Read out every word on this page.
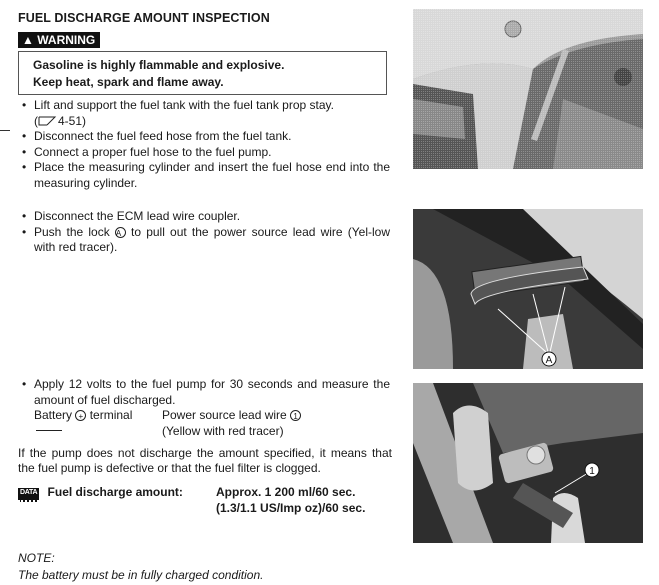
FUEL DISCHARGE AMOUNT INSPECTION
▲ WARNING
Gasoline is highly flammable and explosive.
Keep heat, spark and flame away.
• Lift and support the fuel tank with the fuel tank prop stay.
( 4-51)
• Disconnect the fuel feed hose from the fuel tank.
• Connect a proper fuel hose to the fuel pump.
• Place the measuring cylinder and insert the fuel hose end into the measuring cylinder.
• Disconnect the ECM lead wire coupler.
• Push the lock A to pull out the power source lead wire (Yel-low with red tracer).
• Apply 12 volts to the fuel pump for 30 seconds and measure the amount of fuel discharged.
Battery + terminal	Power source lead wire 1
(Yellow with red tracer)
If the pump does not discharge the amount specified, it means that the fuel pump is defective or that the fuel filter is clogged.
DATA Fuel discharge amount:	Approx. 1 200 ml/60 sec.
(1.3/1.1 US/Imp oz)/60 sec.
NOTE:
The battery must be in fully charged condition.
A
1
